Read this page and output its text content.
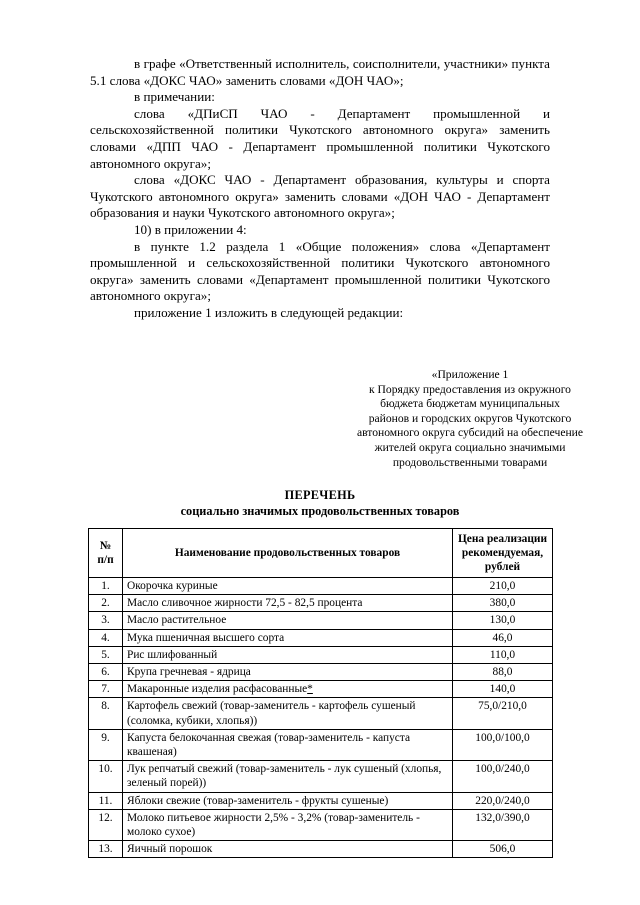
в графе «Ответственный исполнитель, соисполнители, участники» пункта 5.1 слова «ДОКС ЧАО» заменить словами «ДОН ЧАО»;

в примечании:

слова «ДПиСП ЧАО - Департамент промышленной и сельскохозяйственной политики Чукотского автономного округа» заменить словами «ДПП ЧАО - Департамент промышленной политики Чукотского автономного округа»;

слова «ДОКС ЧАО - Департамент образования, культуры и спорта Чукотского автономного округа» заменить словами «ДОН ЧАО - Департамент образования и науки Чукотского автономного округа»;

10) в приложении 4:

в пункте 1.2 раздела 1 «Общие положения» слова «Департамент промышленной и сельскохозяйственной политики Чукотского автономного округа» заменить словами «Департамент промышленной политики Чукотского автономного округа»;

приложение 1 изложить в следующей редакции:

«Приложение 1
к Порядку предоставления из окружного
бюджета бюджетам муниципальных
районов и городских округов Чукотского
автономного округа субсидий на обеспечение
жителей округа социально значимыми
продовольственными товарами
ПЕРЕЧЕНЬ
социально значимых продовольственных товаров
№
п/п	Наименование продовольственных товаров	Цена реализации
рекомендуемая,
рублей

1.	Окорочка куриные	210,0
2.	Масло сливочное жирности 72,5 - 82,5 процента	380,0
3.	Масло растительное	130,0
4.	Мука пшеничная высшего сорта	46,0
5.	Рис шлифованный	110,0
6.	Крупа гречневая - ядрица	88,0
7.	Макаронные изделия расфасованные*	140,0
8.	Картофель свежий (товар-заменитель - картофель сушеный (соломка, кубики, хлопья))	75,0/210,0
9.	Капуста белокочанная свежая (товар-заменитель - капуста квашеная)	100,0/100,0
10.	Лук репчатый свежий (товар-заменитель - лук сушеный (хлопья, зеленый порей))	100,0/240,0
11.	Яблоки свежие (товар-заменитель - фрукты сушеные)	220,0/240,0
12.	Молоко питьевое жирности 2,5% - 3,2% (товар-заменитель - молоко сухое)	132,0/390,0
13.	Яичный порошок	506,0
